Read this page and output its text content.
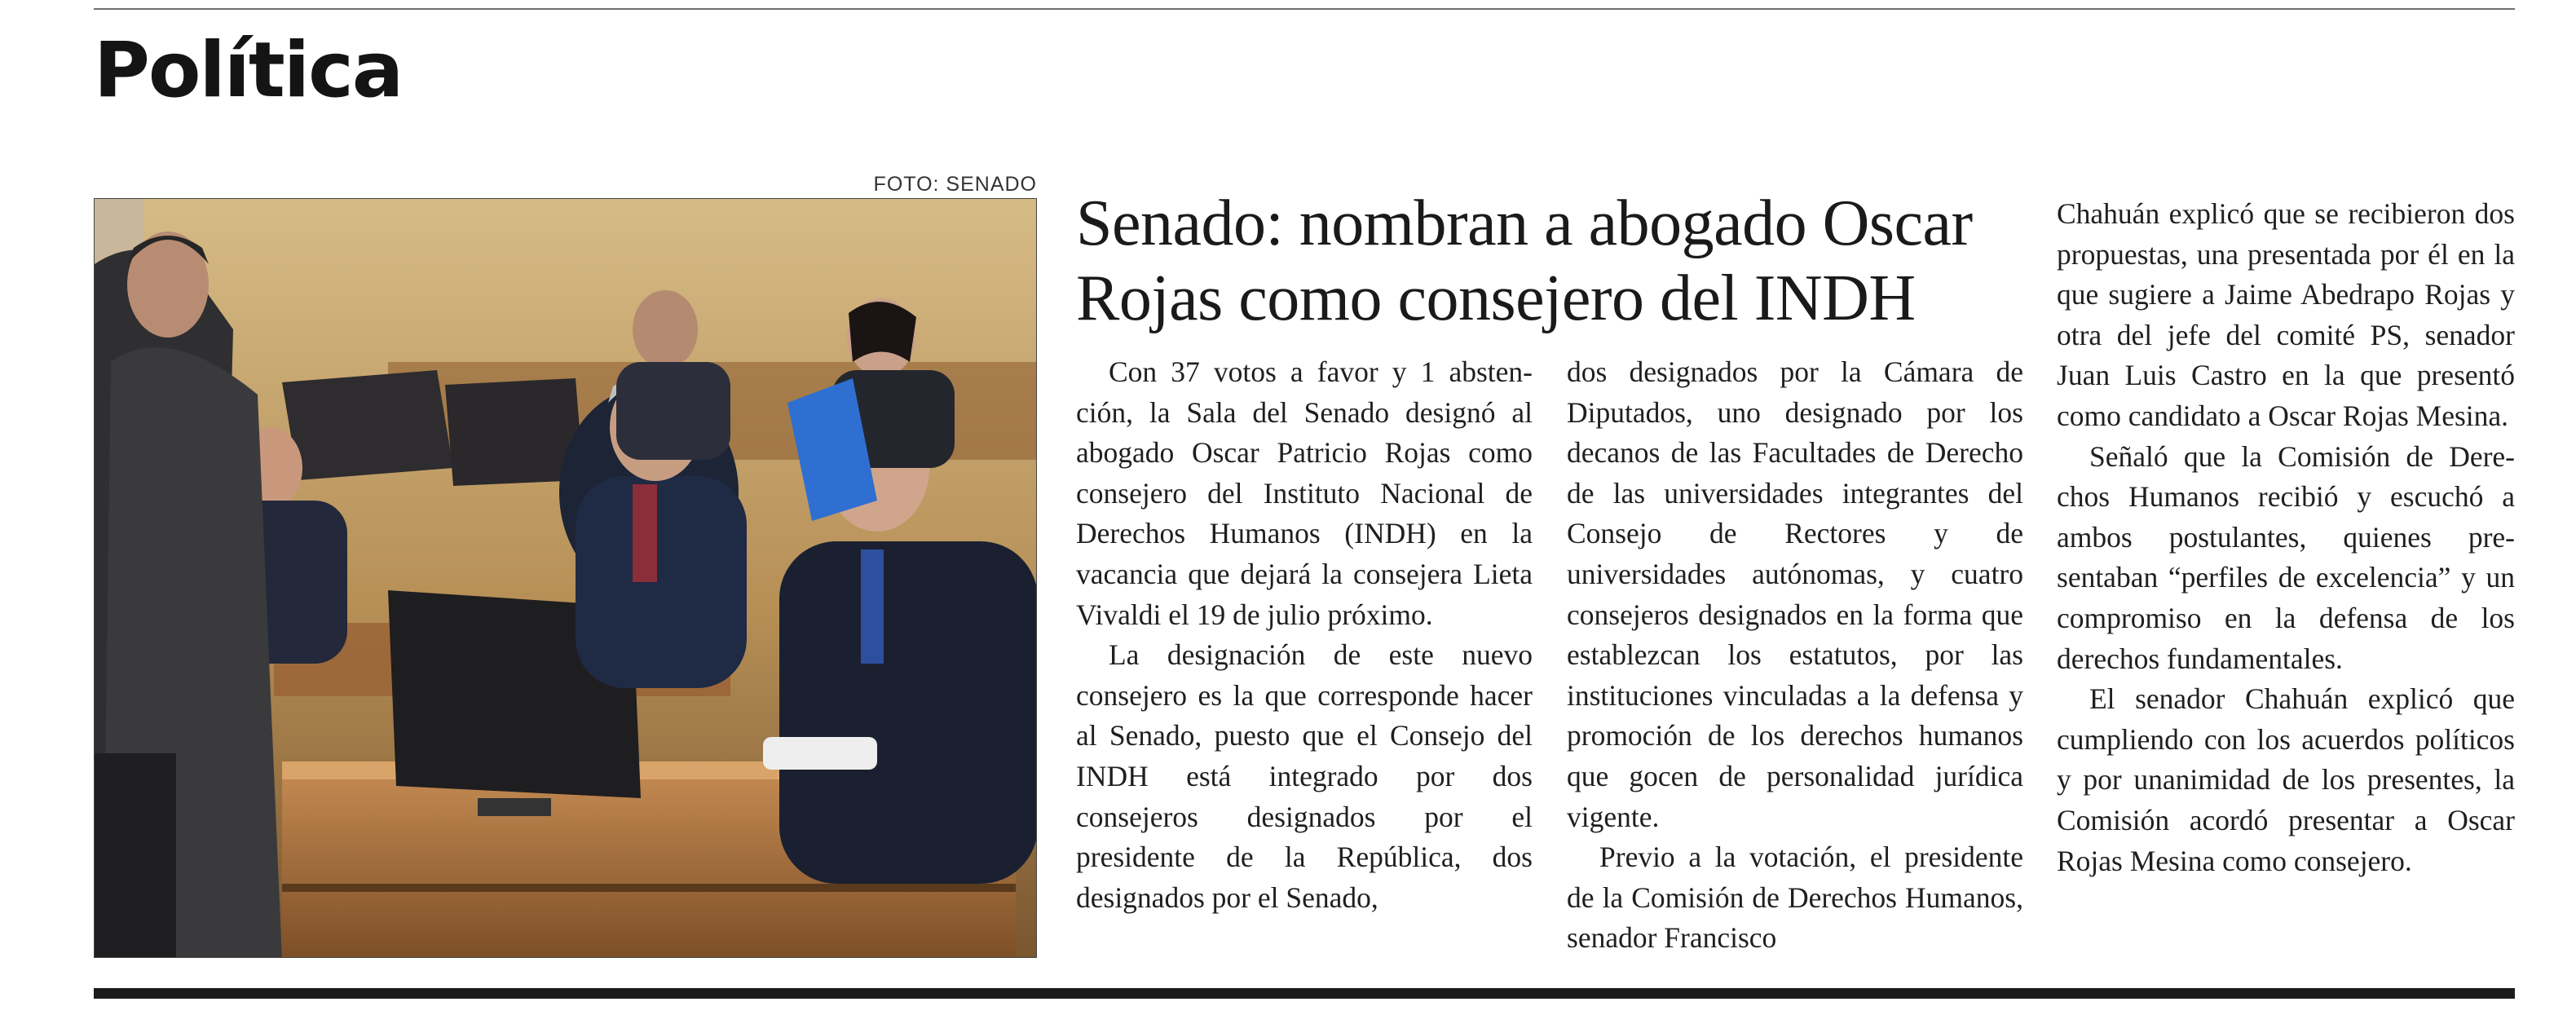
Política
FOTO: SENADO
Senado: nombran a abogado Oscar Rojas como consejero del INDH

Con 37 votos a favor y 1 abstención, la Sala del Senado designó al abogado Oscar Patricio Rojas como consejero del Instituto Nacional de Derechos Humanos (INDH) en la vacancia que dejará la consejera Lieta Vivaldi el 19 de julio próximo.

La designación de este nuevo consejero es la que corresponde hacer al Senado, puesto que el Consejo del INDH está integrado por dos consejeros designados por el presidente de la República, dos designados por el Senado,

dos designados por la Cámara de Diputados, uno designado por los decanos de las Facultades de Derecho de las universidades integrantes del Consejo de Rectores y de universidades autónomas, y cuatro consejeros designados en la forma que establezcan los estatutos, por las instituciones vinculadas a la defensa y promoción de los derechos humanos que gocen de personalidad jurídica vigente.

Previo a la votación, el presidente de la Comisión de Derechos Humanos, senador Francisco

Chahuán explicó que se recibieron dos propuestas, una presentada por él en la que sugiere a Jaime Abedrapo Rojas y otra del jefe del comité PS, senador Juan Luis Castro en la que presentó como candidato a Oscar Rojas Mesina.

Señaló que la Comisión de Derechos Humanos recibió y escuchó a ambos postulantes, quienes presentaban “perfiles de excelencia” y un compromiso en la defensa de los derechos fundamentales.

El senador Chahuán explicó que cumpliendo con los acuerdos políticos y por unanimidad de los presentes, la Comisión acordó presentar a Oscar Rojas Mesina como consejero.
